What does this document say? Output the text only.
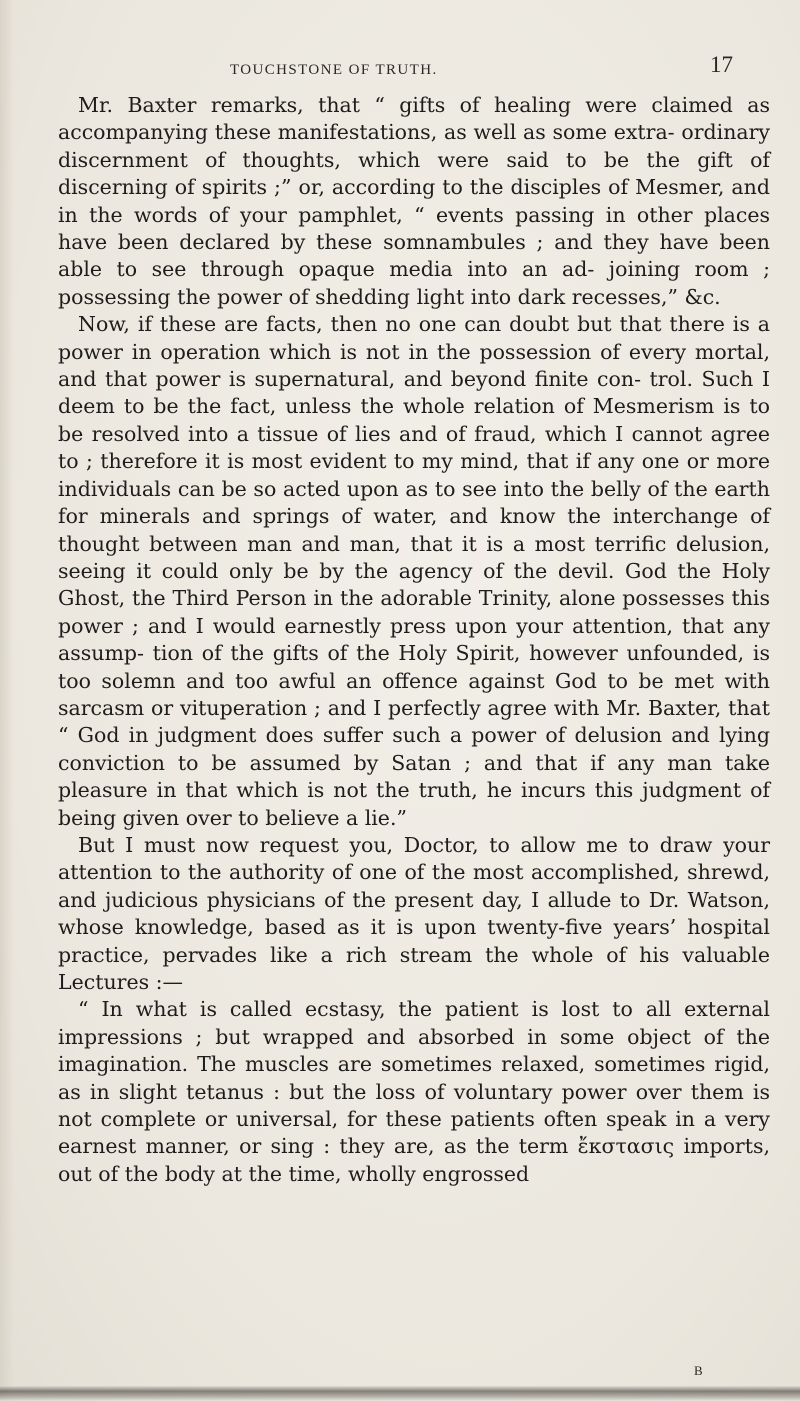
TOUCHSTONE OF TRUTH.	17

Mr. Baxter remarks, that “ gifts of healing were claimed as accompanying these manifestations, as well as some extra- ordinary discernment of thoughts, which were said to be the gift of discerning of spirits ;” or, according to the disciples of Mesmer, and in the words of your pamphlet, “ events passing in other places have been declared by these somnambules ; and they have been able to see through opaque media into an ad- joining room ; possessing the power of shedding light into dark recesses,” &c.

Now, if these are facts, then no one can doubt but that there is a power in operation which is not in the possession of every mortal, and that power is supernatural, and beyond finite con- trol. Such I deem to be the fact, unless the whole relation of Mesmerism is to be resolved into a tissue of lies and of fraud, which I cannot agree to ; therefore it is most evident to my mind, that if any one or more individuals can be so acted upon as to see into the belly of the earth for minerals and springs of water, and know the interchange of thought between man and man, that it is a most terrific delusion, seeing it could only be by the agency of the devil. God the Holy Ghost, the Third Person in the adorable Trinity, alone possesses this power ; and I would earnestly press upon your attention, that any assump- tion of the gifts of the Holy Spirit, however unfounded, is too solemn and too awful an offence against God to be met with sarcasm or vituperation ; and I perfectly agree with Mr. Baxter, that “ God in judgment does suffer such a power of delusion and lying conviction to be assumed by Satan ; and that if any man take pleasure in that which is not the truth, he incurs this judgment of being given over to believe a lie.”

But I must now request you, Doctor, to allow me to draw your attention to the authority of one of the most accomplished, shrewd, and judicious physicians of the present day, I allude to Dr. Watson, whose knowledge, based as it is upon twenty-five years’ hospital practice, pervades like a rich stream the whole of his valuable Lectures :—

“ In what is called ecstasy, the patient is lost to all external impressions ; but wrapped and absorbed in some object of the imagination. The muscles are sometimes relaxed, sometimes rigid, as in slight tetanus : but the loss of voluntary power over them is not complete or universal, for these patients often speak in a very earnest manner, or sing : they are, as the term ἔκστασις imports, out of the body at the time, wholly engrossed

B
